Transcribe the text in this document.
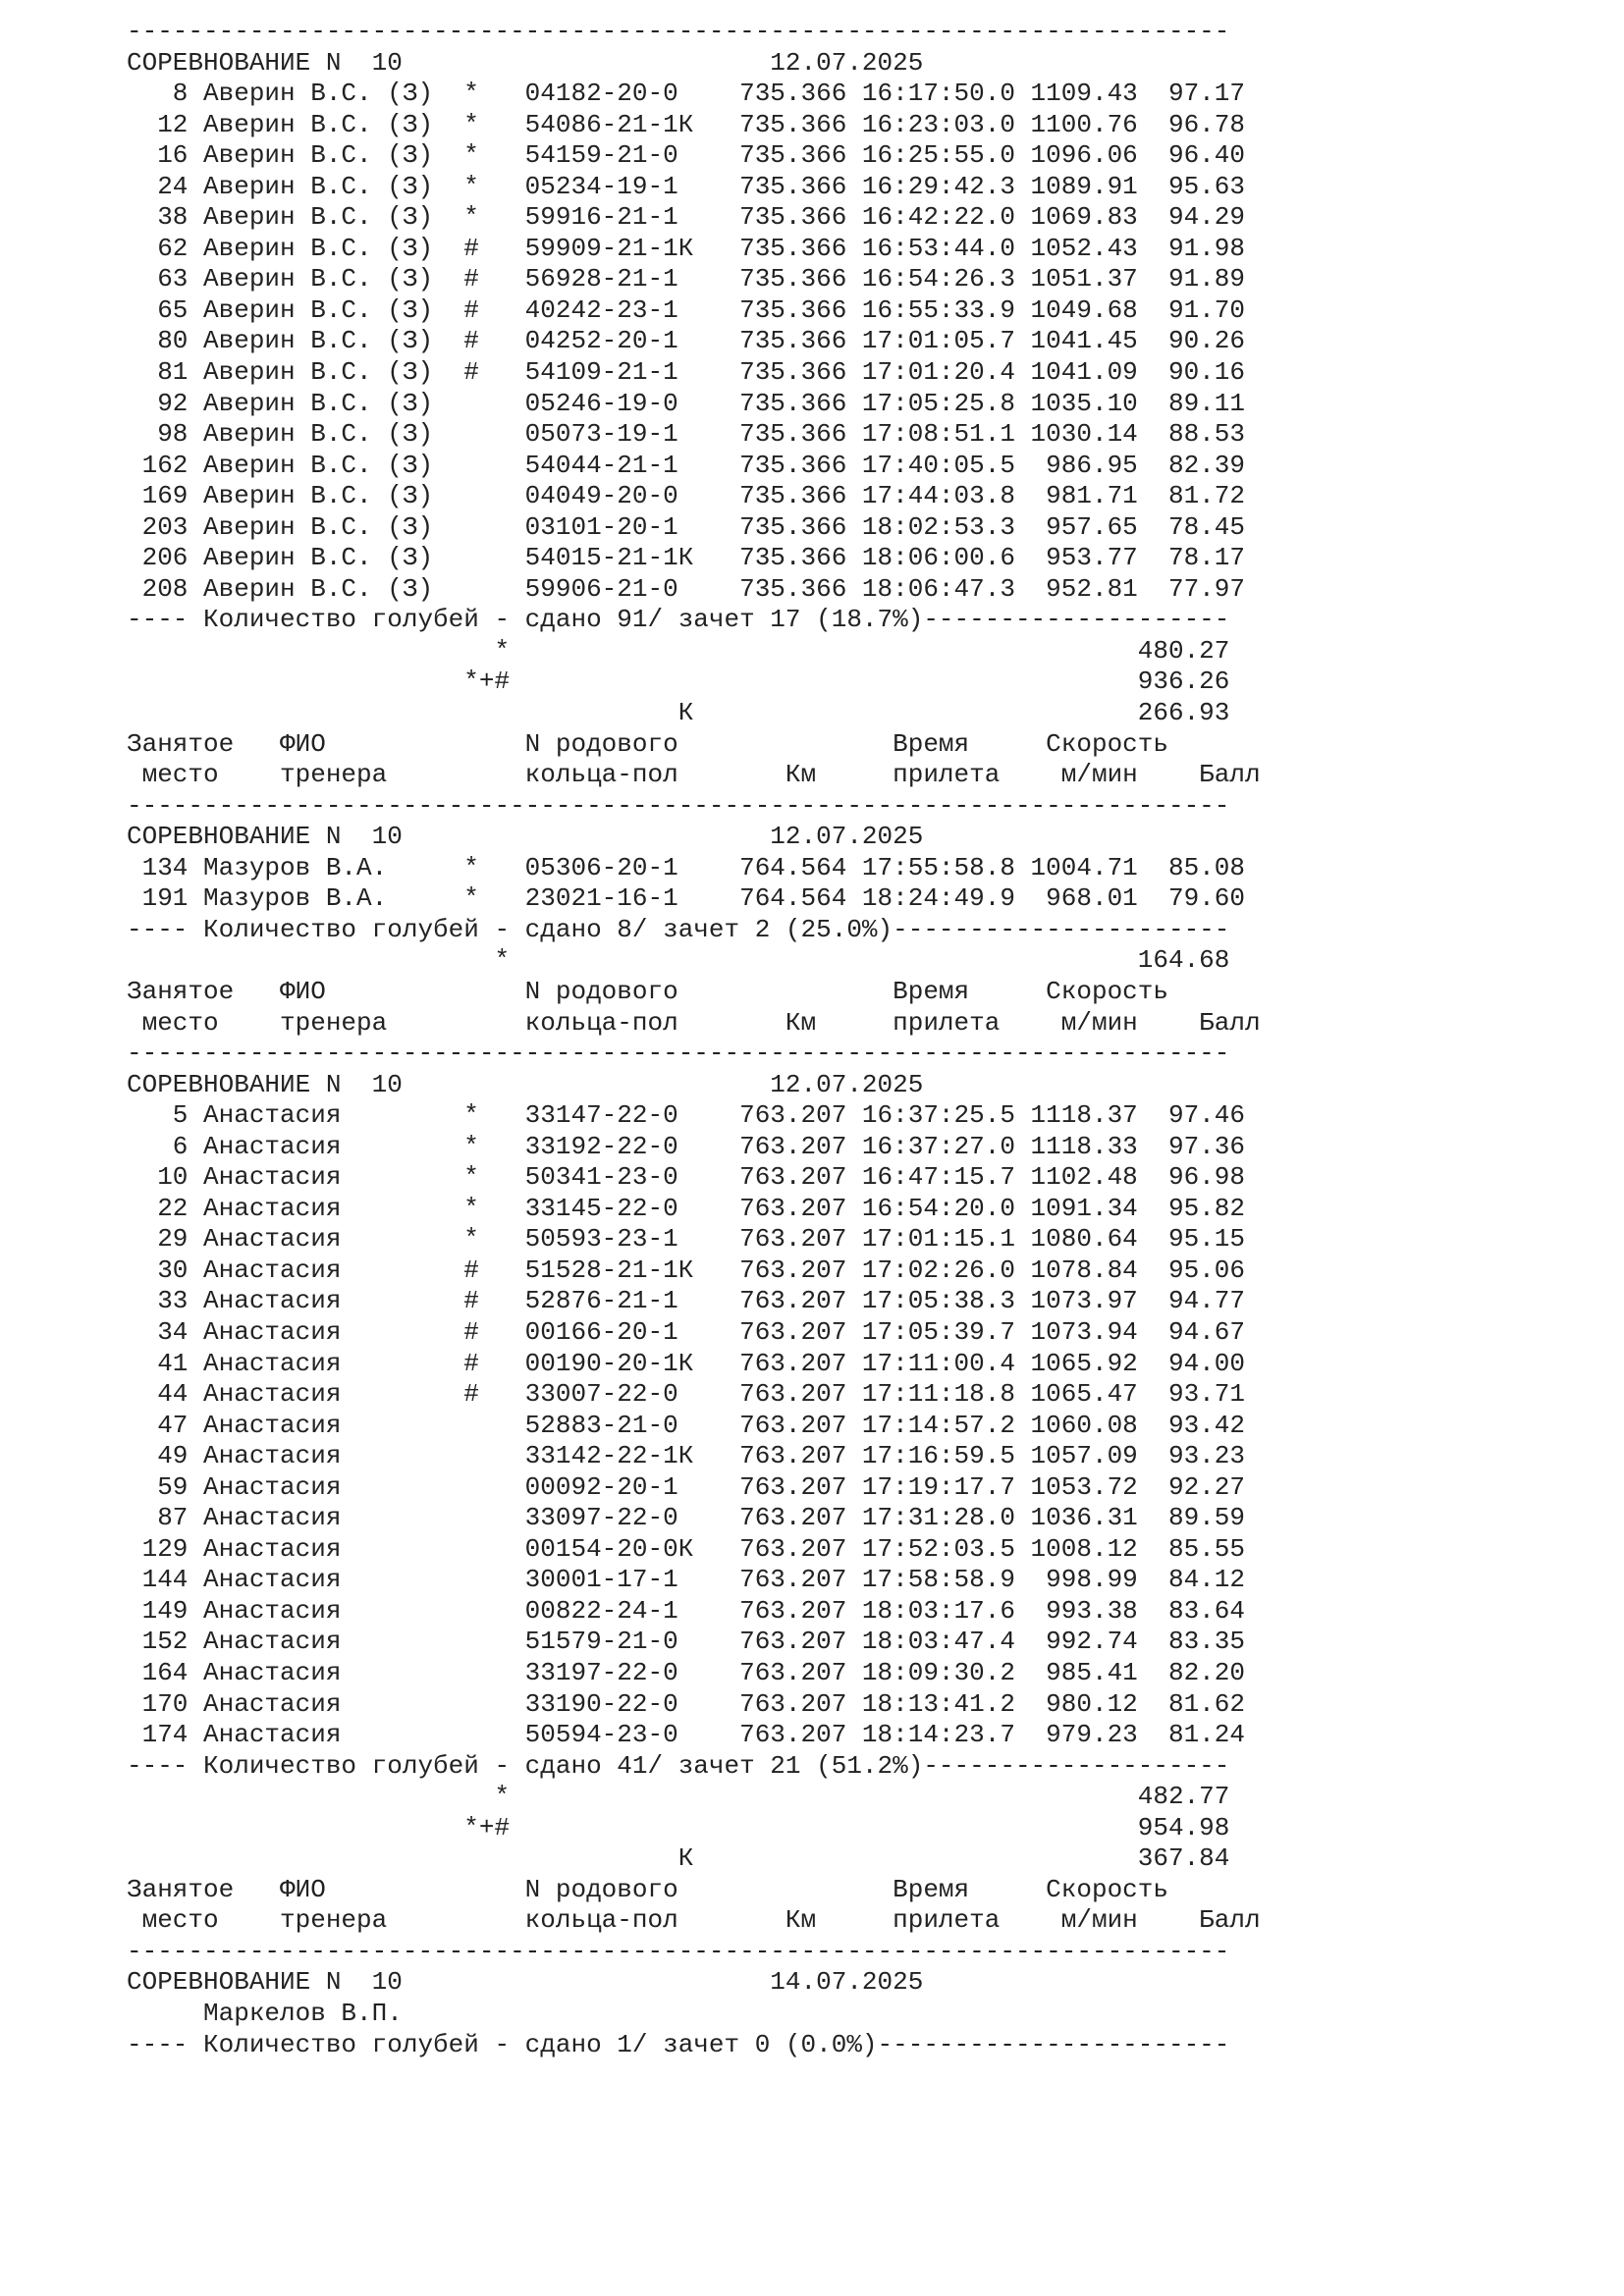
------------------------------------------------------------------------
СОРЕВНОВАНИЕ N  10                        12.07.2025
8 Аверин В.С. (З)  *   04182-20-0    735.366 16:17:50.0 1109.43  97.17
12 Аверин В.С. (З)  *   54086-21-1К   735.366 16:23:03.0 1100.76  96.78
16 Аверин В.С. (З)  *   54159-21-0    735.366 16:25:55.0 1096.06  96.40
24 Аверин В.С. (З)  *   05234-19-1    735.366 16:29:42.3 1089.91  95.63
38 Аверин В.С. (З)  *   59916-21-1    735.366 16:42:22.0 1069.83  94.29
62 Аверин В.С. (З)  #   59909-21-1К   735.366 16:53:44.0 1052.43  91.98
63 Аверин В.С. (З)  #   56928-21-1    735.366 16:54:26.3 1051.37  91.89
65 Аверин В.С. (З)  #   40242-23-1    735.366 16:55:33.9 1049.68  91.70
80 Аверин В.С. (З)  #   04252-20-1    735.366 17:01:05.7 1041.45  90.26
81 Аверин В.С. (З)  #   54109-21-1    735.366 17:01:20.4 1041.09  90.16
92 Аверин В.С. (З)      05246-19-0    735.366 17:05:25.8 1035.10  89.11
98 Аверин В.С. (З)      05073-19-1    735.366 17:08:51.1 1030.14  88.53
162 Аверин В.С. (З)      54044-21-1    735.366 17:40:05.5  986.95  82.39
169 Аверин В.С. (З)      04049-20-0    735.366 17:44:03.8  981.71  81.72
203 Аверин В.С. (З)      03101-20-1    735.366 18:02:53.3  957.65  78.45
206 Аверин В.С. (З)      54015-21-1К   735.366 18:06:00.6  953.77  78.17
208 Аверин В.С. (З)      59906-21-0    735.366 18:06:47.3  952.81  77.97
---- Количество голубей - сдано 91/ зачет 17 (18.7%)--------------------
*                                         480.27
*+#                                         936.26
К                             266.93
Занятое   ФИО             N родового              Время     Скорость
место    тренера         кольца-пол       Км     прилета    м/мин    Балл
------------------------------------------------------------------------
СОРЕВНОВАНИЕ N  10                        12.07.2025
134 Мазуров В.А.     *   05306-20-1    764.564 17:55:58.8 1004.71  85.08
191 Мазуров В.А.     *   23021-16-1    764.564 18:24:49.9  968.01  79.60
---- Количество голубей - сдано 8/ зачет 2 (25.0%)----------------------
*                                         164.68
Занятое   ФИО             N родового              Время     Скорость
место    тренера         кольца-пол       Км     прилета    м/мин    Балл
------------------------------------------------------------------------
СОРЕВНОВАНИЕ N  10                        12.07.2025
5 Анастасия        *   33147-22-0    763.207 16:37:25.5 1118.37  97.46
6 Анастасия        *   33192-22-0    763.207 16:37:27.0 1118.33  97.36
10 Анастасия        *   50341-23-0    763.207 16:47:15.7 1102.48  96.98
22 Анастасия        *   33145-22-0    763.207 16:54:20.0 1091.34  95.82
29 Анастасия        *   50593-23-1    763.207 17:01:15.1 1080.64  95.15
30 Анастасия        #   51528-21-1К   763.207 17:02:26.0 1078.84  95.06
33 Анастасия        #   52876-21-1    763.207 17:05:38.3 1073.97  94.77
34 Анастасия        #   00166-20-1    763.207 17:05:39.7 1073.94  94.67
41 Анастасия        #   00190-20-1К   763.207 17:11:00.4 1065.92  94.00
44 Анастасия        #   33007-22-0    763.207 17:11:18.8 1065.47  93.71
47 Анастасия            52883-21-0    763.207 17:14:57.2 1060.08  93.42
49 Анастасия            33142-22-1К   763.207 17:16:59.5 1057.09  93.23
59 Анастасия            00092-20-1    763.207 17:19:17.7 1053.72  92.27
87 Анастасия            33097-22-0    763.207 17:31:28.0 1036.31  89.59
129 Анастасия            00154-20-0К   763.207 17:52:03.5 1008.12  85.55
144 Анастасия            30001-17-1    763.207 17:58:58.9  998.99  84.12
149 Анастасия            00822-24-1    763.207 18:03:17.6  993.38  83.64
152 Анастасия            51579-21-0    763.207 18:03:47.4  992.74  83.35
164 Анастасия            33197-22-0    763.207 18:09:30.2  985.41  82.20
170 Анастасия            33190-22-0    763.207 18:13:41.2  980.12  81.62
174 Анастасия            50594-23-0    763.207 18:14:23.7  979.23  81.24
---- Количество голубей - сдано 41/ зачет 21 (51.2%)--------------------
*                                         482.77
*+#                                         954.98
К                             367.84
Занятое   ФИО             N родового              Время     Скорость
место    тренера         кольца-пол       Км     прилета    м/мин    Балл
------------------------------------------------------------------------
СОРЕВНОВАНИЕ N  10                        14.07.2025
Маркелов В.П.
---- Количество голубей - сдано 1/ зачет 0 (0.0%)-----------------------
